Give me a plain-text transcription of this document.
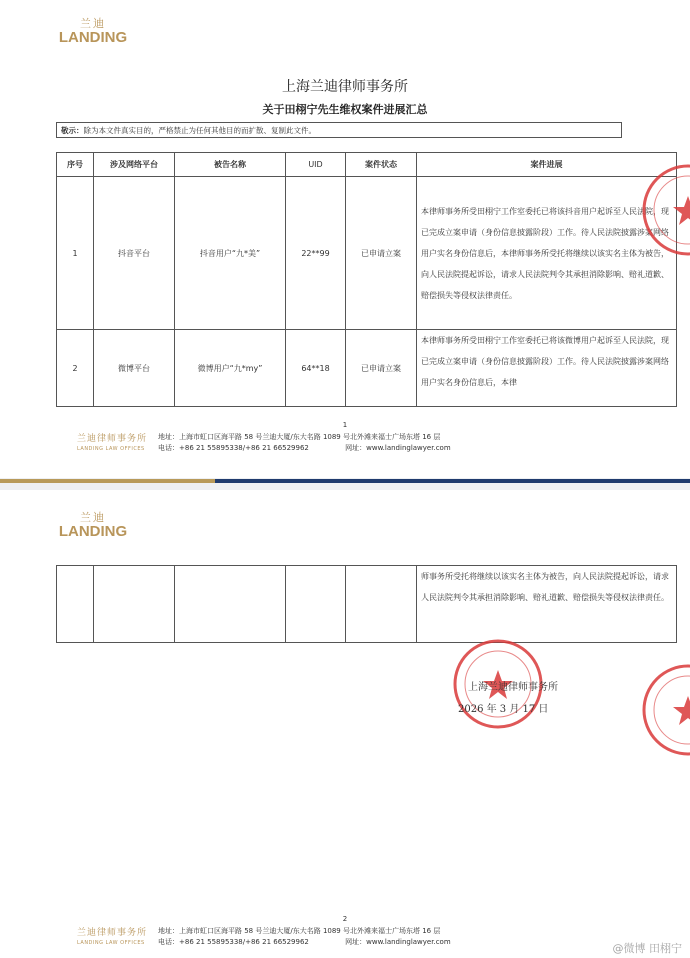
兰迪
LANDING
上海兰迪律师事务所
关于田栩宁先生维权案件进展汇总
敬示：除为本文件真实目的，严格禁止为任何其他目的而扩散、复制此文件。
序号	涉及网络平台	被告名称	UID	案件状态	案件进展
1	抖音平台	抖音用户“九*美”	22**99	已申请立案	本律师事务所受田栩宁工作室委托已将该抖音用户起诉至人民法院，现已完成立案申请（身份信息披露阶段）工作。待人民法院披露涉案网络用户实名身份信息后，本律师事务所受托将继续以该实名主体为被告，向人民法院提起诉讼，请求人民法院判令其承担消除影响、赔礼道歉、赔偿损失等侵权法律责任。
2	微博平台	微博用户“九*my”	64**18	已申请立案	本律师事务所受田栩宁工作室委托已将该微博用户起诉至人民法院，现已完成立案申请（身份信息披露阶段）工作。待人民法院披露涉案网络用户实名身份信息后，本律
1
兰迪律师事务所
LANDING LAW OFFICES
地址：上海市虹口区海平路 58 号兰迪大厦/东大名路 1089 号北外滩来福士广场东塔 16 层
电话：+86 21 55895338/+86 21 66529962	网址：www.landinglawyer.com
兰迪
LANDING
					师事务所受托将继续以该实名主体为被告，向人民法院提起诉讼，请求人民法院判令其承担消除影响、赔礼道歉、赔偿损失等侵权法律责任。
上海兰迪律师事务所
2026 年 3 月 17 日
2
兰迪律师事务所
LANDING LAW OFFICES
地址：上海市虹口区海平路 58 号兰迪大厦/东大名路 1089 号北外滩来福士广场东塔 16 层
电话：+86 21 55895338/+86 21 66529962	网址：www.landinglawyer.com	@微博 田栩宁
